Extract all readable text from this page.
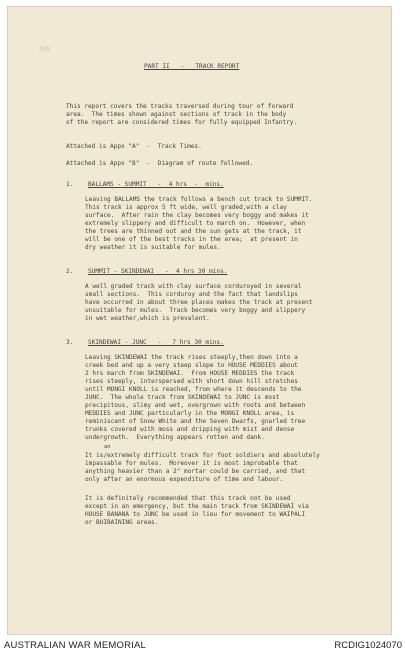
330
PART II   -   TRACK REPORT
This report covers the tracks traversed during tour of forward
area.  The times shown against sections of track in the body
of the report are considered times for fully equipped Infantry.
Attached is Appx "A"  -  Track Times.
Attached is Appx "B"  -  Diagram of route followed.
1. BALLAMS - SUMMIT   -  4 hrs  -  mins.
Leaving BALLAMS the track follows a bench cut track to SUMMIT.
This track is approx 5 ft wide, well graded,with a clay
surface.  After rain the clay becomes very boggy and makes it
extremely slippery and difficult to march on.  However, when
the trees are thinned out and the sun gets at the track, it
will be one of the best tracks in the area;  at present in
dry weather it is suitable for mules.
2. SUMMIT - SKINDEWAI   -  4 hrs 30 mins.
A well graded track with clay surface corduroyed in several
small sections.  This corduroy and the fact that landslips
have occurred in about three places makes the track at present
unsuitable for mules.  Track becomes very boggy and slippery
in wet weather,which is prevalent.
3. SKINDEWAI - JUNC   -   7 hrs 30 mins.
Leaving SKINDEWAI the track rises steeply,then down into a
creek bed and up a very steep slope to HOUSE MEDDIES about
2 hrs march from SKINDEWAI.  From HOUSE MEDDIES the track
rises steeply, interspersed with short down hill stretches
until MONGI KNOLL is reached, from where it descends to the
JUNC.  The whole track from SKINDEWAI to JUNC is most
precipitous, slimy and wet, overgrown with roots and between
MEDDIES and JUNC particularly in the MONGI KNOLL area, is
reminiscent of Snow White and the Seven Dwarfs, gnarled tree
trunks covered with moss and dripping with mist and dense
undergrowth.  Everything appears rotten and dank.
an
It is/extremely difficult track for foot soldiers and absolutely
impassable for mules.  Moreover it is most improbable that
anything heavier than a 2" mortar could be carried, and that
only after an enormous expenditure of time and labour.
It is definitely recommended that this track not be used
except in an emergency, but the main track from SKINDEWAI via
HOUSE BANANA to JUNC be used in lieu for movement to WAIPALI
or BUIBAINING areas.
AUSTRALIAN WAR MEMORIAL	RCDIG1024070
